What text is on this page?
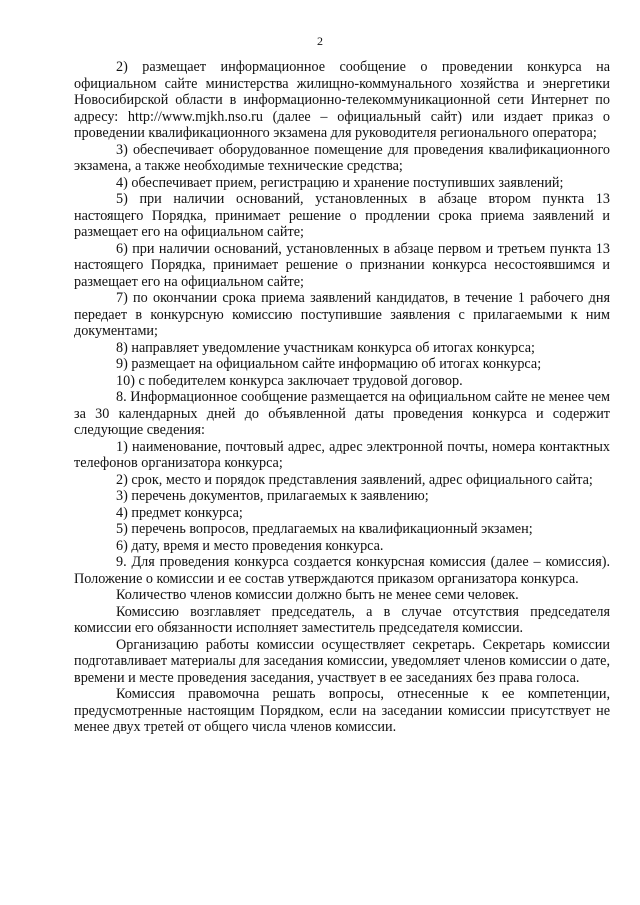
2

2) размещает информационное сообщение о проведении конкурса на официальном сайте министерства жилищно-коммунального хозяйства и энергетики Новосибирской области в информационно-телекоммуникационной сети Интернет по адресу: http://www.mjkh.nso.ru (далее – официальный сайт) или издает приказ о проведении квалификационного экзамена для руководителя регионального оператора;

3) обеспечивает оборудованное помещение для проведения квалификационного экзамена, а также необходимые технические средства;

4) обеспечивает прием, регистрацию и хранение поступивших заявлений;

5) при наличии оснований, установленных в абзаце втором пункта 13 настоящего Порядка, принимает решение о продлении срока приема заявлений и размещает его на официальном сайте;

6) при наличии оснований, установленных в абзаце первом и третьем пункта 13 настоящего Порядка, принимает решение о признании конкурса несостоявшимся и размещает его на официальном сайте;

7) по окончании срока приема заявлений кандидатов, в течение 1 рабочего дня передает в конкурсную комиссию поступившие заявления с прилагаемыми к ним документами;

8) направляет уведомление участникам конкурса об итогах конкурса;

9) размещает на официальном сайте информацию об итогах конкурса;

10) с победителем конкурса заключает трудовой договор.

8. Информационное сообщение размещается на официальном сайте не менее чем за 30 календарных дней до объявленной даты проведения конкурса и содержит следующие сведения:

1) наименование, почтовый адрес, адрес электронной почты, номера контактных телефонов организатора конкурса;

2) срок, место и порядок представления заявлений, адрес официального сайта;

3) перечень документов, прилагаемых к заявлению;

4) предмет конкурса;

5) перечень вопросов, предлагаемых на квалификационный экзамен;

6) дату, время и место проведения конкурса.

9. Для проведения конкурса создается конкурсная комиссия (далее – комиссия). Положение о комиссии и ее состав утверждаются приказом организатора конкурса.

Количество членов комиссии должно быть не менее семи человек.

Комиссию возглавляет председатель, а в случае отсутствия председателя комиссии его обязанности исполняет заместитель председателя комиссии.

Организацию работы комиссии осуществляет секретарь. Секретарь комиссии подготавливает материалы для заседания комиссии, уведомляет членов комиссии о дате, времени и месте проведения заседания, участвует в ее заседаниях без права голоса.

Комиссия правомочна решать вопросы, отнесенные к ее компетенции, предусмотренные настоящим Порядком, если на заседании комиссии присутствует не менее двух третей от общего числа членов комиссии.
